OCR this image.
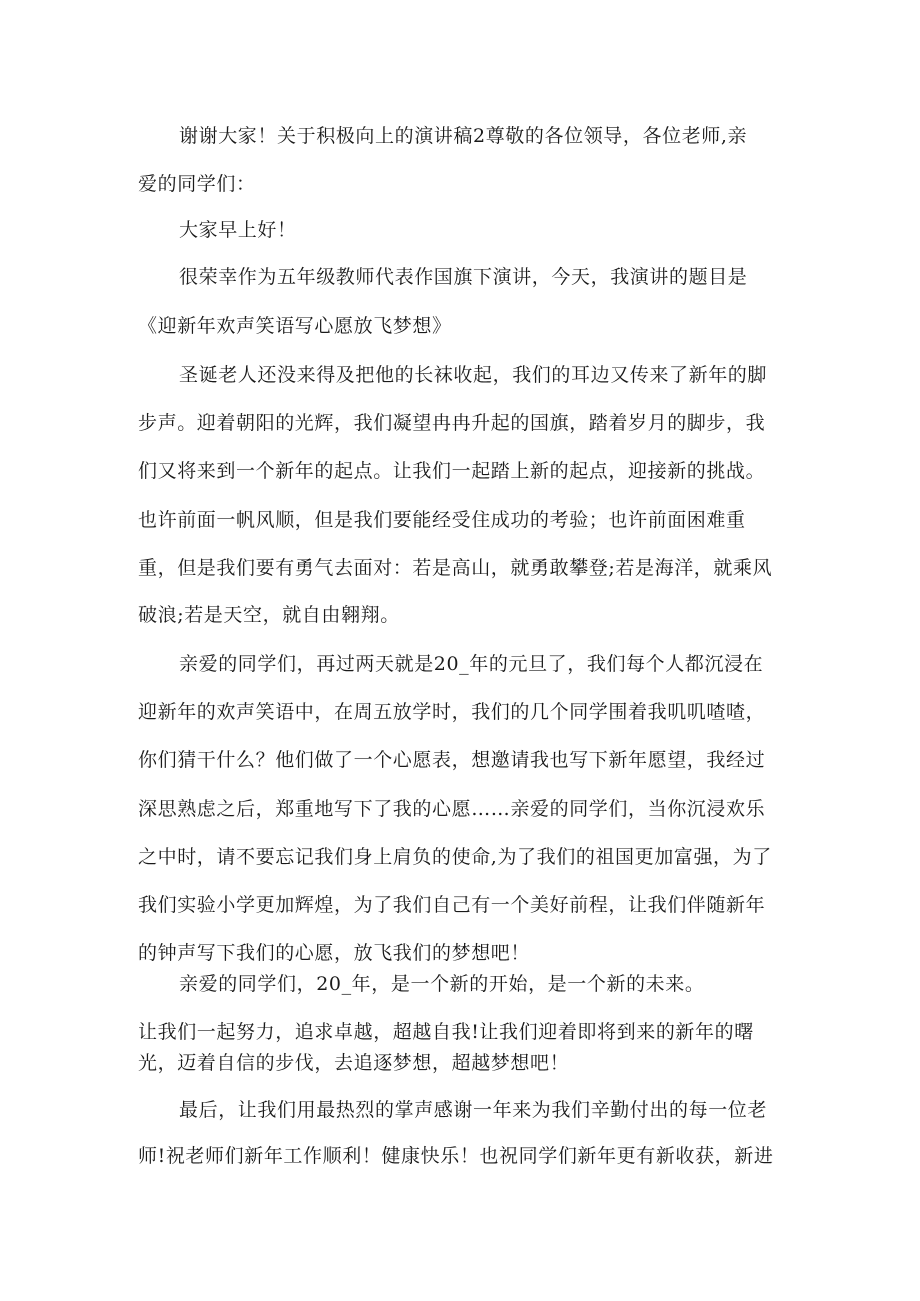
谢谢大家！关于积极向上的演讲稿2尊敬的各位领导，各位老师,亲
爱的同学们：
大家早上好！
很荣幸作为五年级教师代表作国旗下演讲，今天，我演讲的题目是
《迎新年欢声笑语写心愿放飞梦想》
圣诞老人还没来得及把他的长袜收起，我们的耳边又传来了新年的脚
步声。迎着朝阳的光辉，我们凝望冉冉升起的国旗，踏着岁月的脚步，我
们又将来到一个新年的起点。让我们一起踏上新的起点，迎接新的挑战。
也许前面一帆风顺，但是我们要能经受住成功的考验；也许前面困难重
重，但是我们要有勇气去面对：若是高山，就勇敢攀登;若是海洋，就乘风
破浪;若是天空，就自由翱翔。
亲爱的同学们，再过两天就是20_年的元旦了，我们每个人都沉浸在
迎新年的欢声笑语中，在周五放学时，我们的几个同学围着我叽叽喳喳，
你们猜干什么？他们做了一个心愿表，想邀请我也写下新年愿望，我经过
深思熟虑之后，郑重地写下了我的心愿……亲爱的同学们，当你沉浸欢乐
之中时，请不要忘记我们身上肩负的使命,为了我们的祖国更加富强，为了
我们实验小学更加辉煌，为了我们自己有一个美好前程，让我们伴随新年
的钟声写下我们的心愿，放飞我们的梦想吧！
亲爱的同学们，20_年，是一个新的开始，是一个新的未来。
让我们一起努力，追求卓越，超越自我!让我们迎着即将到来的新年的曙
光，迈着自信的步伐，去追逐梦想，超越梦想吧！
最后，让我们用最热烈的掌声感谢一年来为我们辛勤付出的每一位老
师!祝老师们新年工作顺利！健康快乐！也祝同学们新年更有新收获，新进
